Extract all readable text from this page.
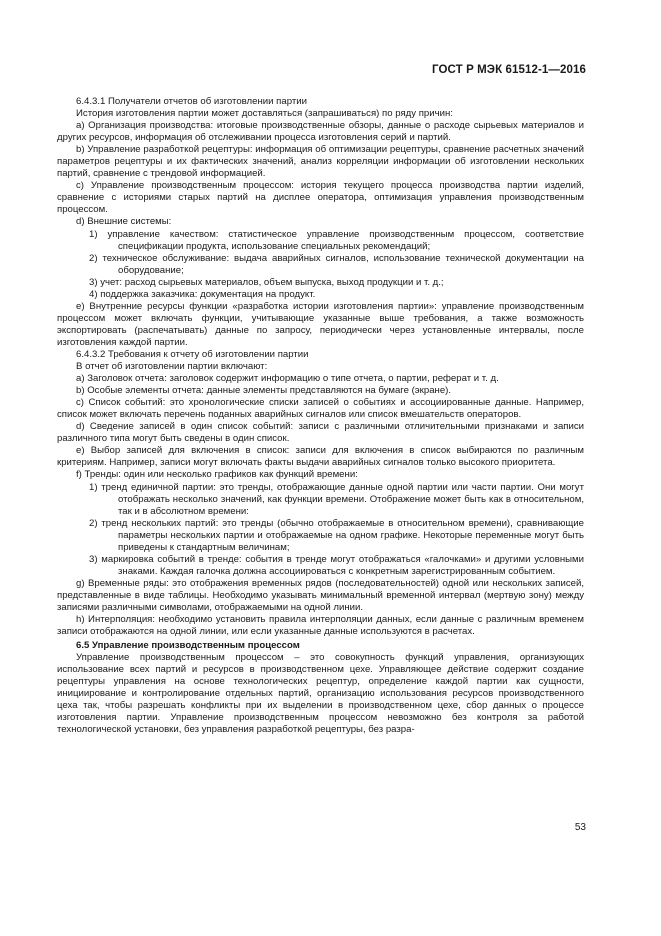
ГОСТ Р МЭК 61512-1—2016

6.4.3.1 Получатели отчетов об изготовлении партии

История изготовления партии может доставляться (запрашиваться) по ряду причин:

a) Организация производства: итоговые производственные обзоры, данные о расходе сырьевых материалов и других ресурсов, информация об отслеживании процесса изготовления серий и партий.

b) Управление разработкой рецептуры: информация об оптимизации рецептуры, сравнение расчетных значений параметров рецептуры и их фактических значений, анализ корреляции информации об изготовлении нескольких партий, сравнение с трендовой информацией.

c) Управление производственным процессом: история текущего процесса производства партии изделий, сравнение с историями старых партий на дисплее оператора, оптимизация управления производственным процессом.

d) Внешние системы:

1) управление качеством: статистическое управление производственным процессом, соответствие спецификации продукта, использование специальных рекомендаций;

2) техническое обслуживание: выдача аварийных сигналов, использование технической документации на оборудование;

3) учет: расход сырьевых материалов, объем выпуска, выход продукции и т. д.;

4) поддержка заказчика: документация на продукт.

e) Внутренние ресурсы функции «разработка истории изготовления партии»: управление производственным процессом может включать функции, учитывающие указанные выше требования, а также возможность экспортировать (распечатывать) данные по запросу, периодически через установленные интервалы, после изготовления каждой партии.

6.4.3.2 Требования к отчету об изготовлении партии

В отчет об изготовлении партии включают:

a) Заголовок отчета: заголовок содержит информацию о типе отчета, о партии, реферат и т. д.

b) Особые элементы отчета: данные элементы представляются на бумаге (экране).

c) Список событий: это хронологические списки записей о событиях и ассоциированные данные. Например, список может включать перечень поданных аварийных сигналов или список вмешательств операторов.

d) Сведение записей в один список событий: записи с различными отличительными признаками и записи различного типа могут быть сведены в один список.

e) Выбор записей для включения в список: записи для включения в список выбираются по различным критериям. Например, записи могут включать факты выдачи аварийных сигналов только высокого приоритета.

f) Тренды: один или несколько графиков как функций времени:

1) тренд единичной партии: это тренды, отображающие данные одной партии или части партии. Они могут отображать несколько значений, как функции времени. Отображение может быть как в относительном, так и в абсолютном времени:

2) тренд нескольких партий: это тренды (обычно отображаемые в относительном времени), сравнивающие параметры нескольких партии и отображаемые на одном графике. Некоторые переменные могут быть приведены к стандартным величинам;

3) маркировка событий в тренде: события в тренде могут отображаться «галочками» и другими условными знаками. Каждая галочка должна ассоциироваться с конкретным зарегистрированным событием.

g) Временные ряды: это отображения временных рядов (последовательностей) одной или нескольких записей, представленные в виде таблицы. Необходимо указывать минимальный временной интервал (мертвую зону) между записями различными символами, отображаемыми на одной линии.

h) Интерполяция: необходимо установить правила интерполяции данных, если данные с различным временем записи отображаются на одной линии, или если указанные данные используются в расчетах.

6.5 Управление производственным процессом

Управление производственным процессом – это совокупность функций управления, организующих использование всех партий и ресурсов в производственном цехе. Управляющее действие содержит создание рецептуры управления на основе технологических рецептур, определение каждой партии как сущности, инициирование и контролирование отдельных партий, организацию использования ресурсов производственного цеха так, чтобы разрешать конфликты при их выделении в производственном цехе, сбор данных о процессе изготовления партии. Управление производственным процессом невозможно без контроля за работой технологической установки, без управления разработкой рецептуры, без разра-

53
